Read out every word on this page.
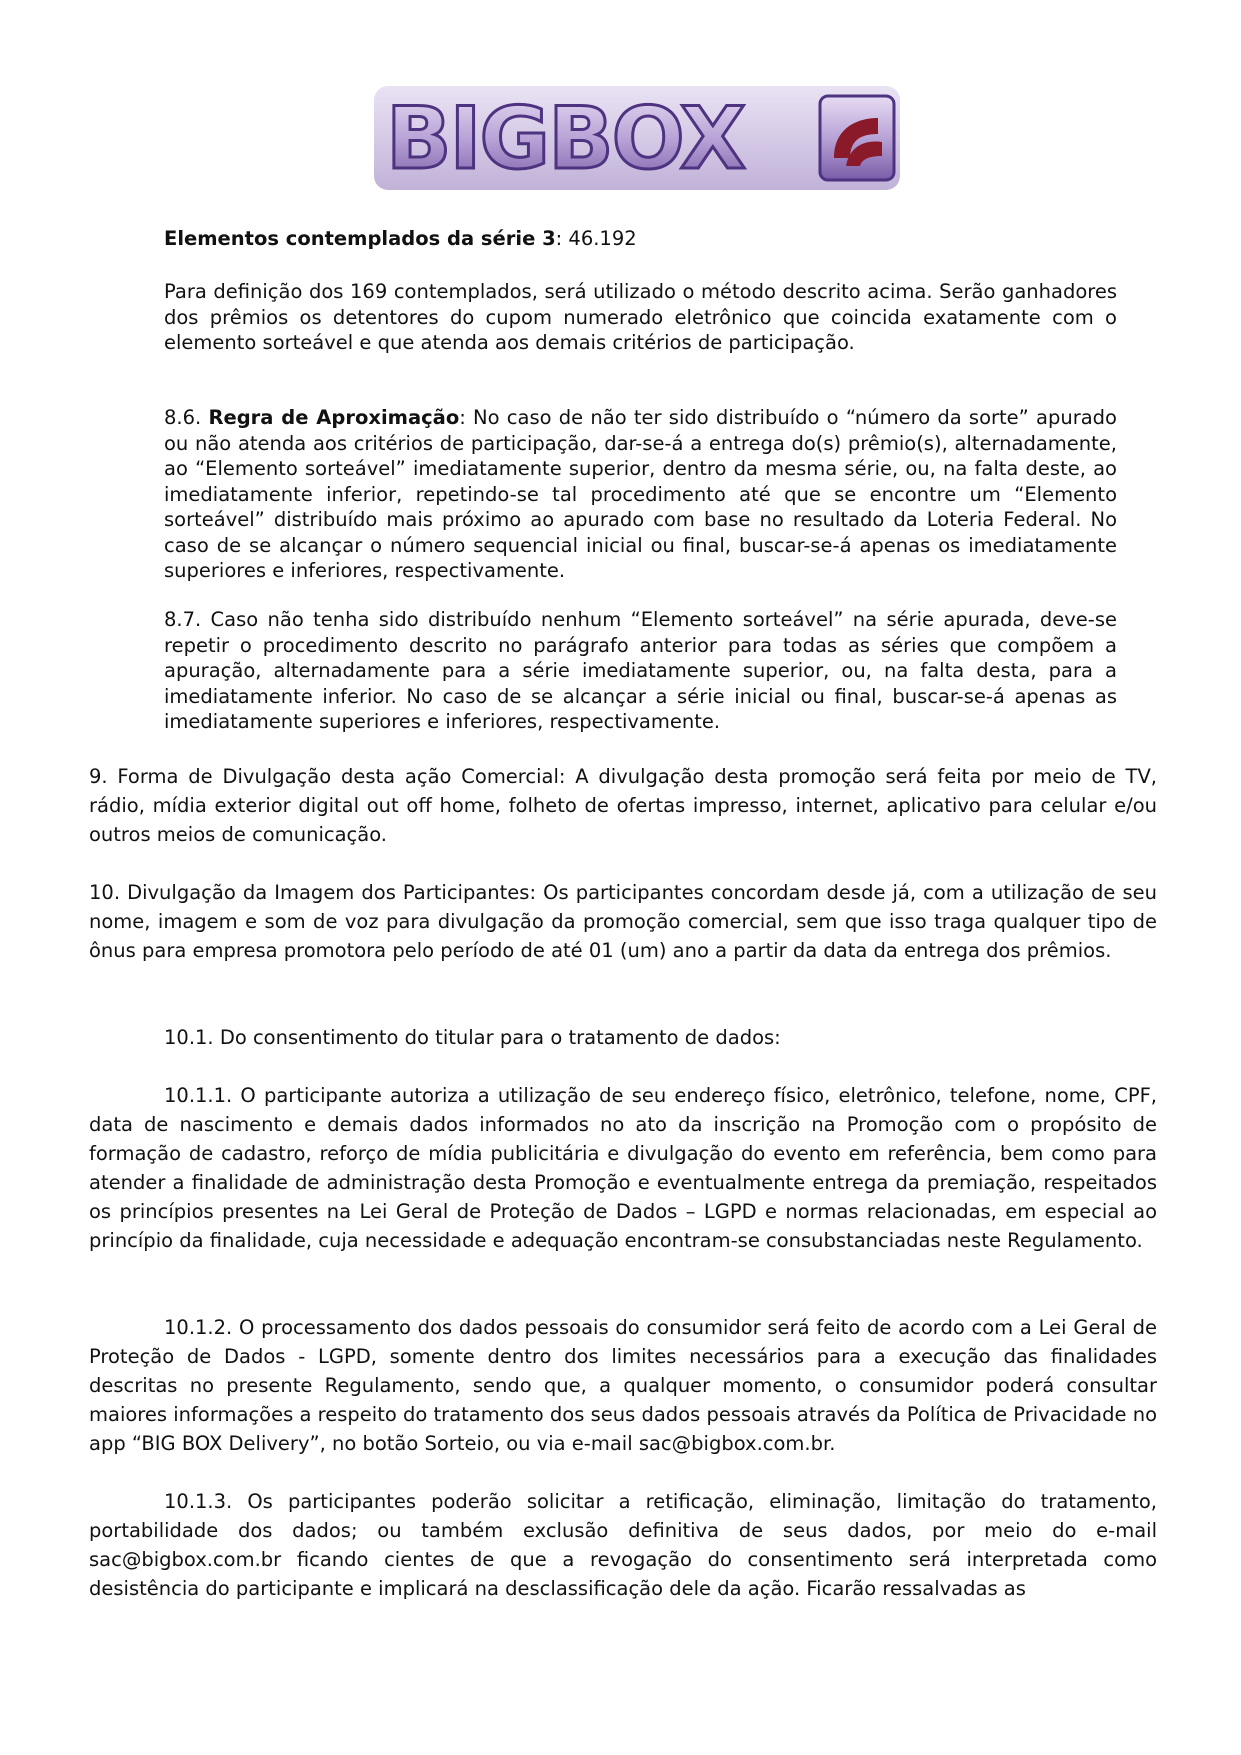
BIGBOX

Elementos contemplados da série 3: 46.192

Para definição dos 169 contemplados, será utilizado o método descrito acima. Serão ganhadores dos prêmios os detentores do cupom numerado eletrônico que coincida exatamente com o elemento sorteável e que atenda aos demais critérios de participação.

8.6. Regra de Aproximação: No caso de não ter sido distribuído o “número da sorte” apurado ou não atenda aos critérios de participação, dar-se-á a entrega do(s) prêmio(s), alternadamente, ao “Elemento sorteável” imediatamente superior, dentro da mesma série, ou, na falta deste, ao imediatamente inferior, repetindo-se tal procedimento até que se encontre um “Elemento sorteável” distribuído mais próximo ao apurado com base no resultado da Loteria Federal. No caso de se alcançar o número sequencial inicial ou final, buscar-se-á apenas os imediatamente superiores e inferiores, respectivamente.

8.7. Caso não tenha sido distribuído nenhum “Elemento sorteável” na série apurada, deve-se repetir o procedimento descrito no parágrafo anterior para todas as séries que compõem a apuração, alternadamente para a série imediatamente superior, ou, na falta desta, para a imediatamente inferior. No caso de se alcançar a série inicial ou final, buscar-se-á apenas as imediatamente superiores e inferiores, respectivamente.

9. Forma de Divulgação desta ação Comercial: A divulgação desta promoção será feita por meio de TV, rádio, mídia exterior digital out off home, folheto de ofertas impresso, internet, aplicativo para celular e/ou outros meios de comunicação.

10. Divulgação da Imagem dos Participantes: Os participantes concordam desde já, com a utilização de seu nome, imagem e som de voz para divulgação da promoção comercial, sem que isso traga qualquer tipo de ônus para empresa promotora pelo período de até 01 (um) ano a partir da data da entrega dos prêmios.

10.1. Do consentimento do titular para o tratamento de dados:

10.1.1. O participante autoriza a utilização de seu endereço físico, eletrônico, telefone, nome, CPF, data de nascimento e demais dados informados no ato da inscrição na Promoção com o propósito de formação de cadastro, reforço de mídia publicitária e divulgação do evento em referência, bem como para atender a finalidade de administração desta Promoção e eventualmente entrega da premiação, respeitados os princípios presentes na Lei Geral de Proteção de Dados – LGPD e normas relacionadas, em especial ao princípio da finalidade, cuja necessidade e adequação encontram-se consubstanciadas neste Regulamento.

10.1.2. O processamento dos dados pessoais do consumidor será feito de acordo com a Lei Geral de Proteção de Dados - LGPD, somente dentro dos limites necessários para a execução das finalidades descritas no presente Regulamento, sendo que, a qualquer momento, o consumidor poderá consultar maiores informações a respeito do tratamento dos seus dados pessoais através da Política de Privacidade no app “BIG BOX Delivery”, no botão Sorteio, ou via e-mail sac@bigbox.com.br.

10.1.3. Os participantes poderão solicitar a retificação, eliminação, limitação do tratamento, portabilidade dos dados; ou também exclusão definitiva de seus dados, por meio do e-mail sac@bigbox.com.br ficando cientes de que a revogação do consentimento será interpretada como desistência do participante e implicará na desclassificação dele da ação. Ficarão ressalvadas as
